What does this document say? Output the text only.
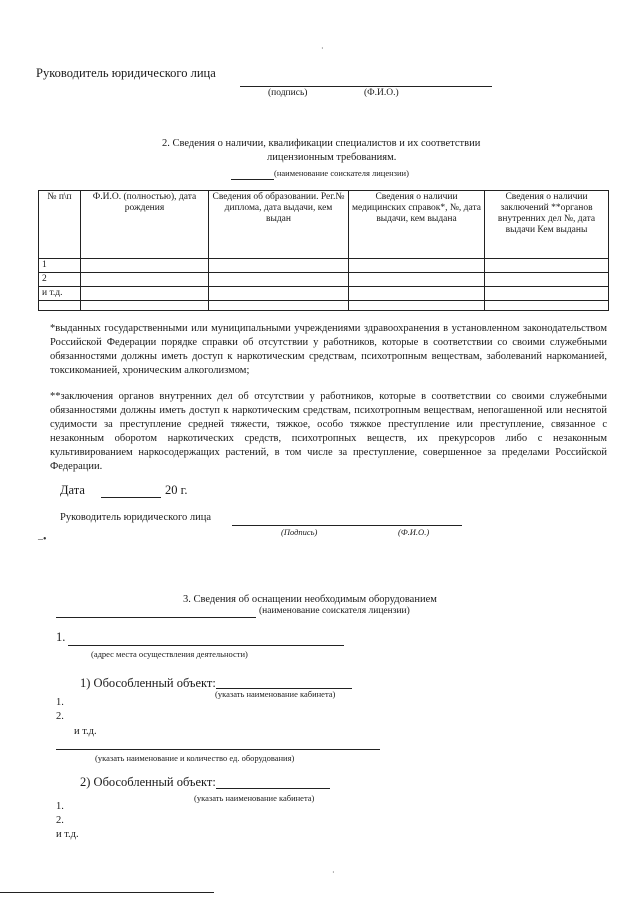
Руководитель юридического лица
(подпись)	(Ф.И.О.)
2. Сведения о наличии, квалификации специалистов и их соответствии
лицензионным требованиям.
(наименование соискателя лицензии)
№ п\п	Ф.И.О. (полностью), дата рождения	Сведения об образовании. Рег.№ диплома, дата выдачи, кем выдан	Сведения о наличии медицинских справок*, №, дата выдачи, кем выдана	Сведения о наличии заключений **органов внутренних дел №, дата выдачи Кем выданы
1				
2				
и т.д.				

*выданных государственными или муниципальными учреждениями здравоохранения в установленном законодательством Российской Федерации порядке справки об отсутствии у работников, которые в соответствии со своими служебными обязанностями должны иметь доступ к наркотическим средствам, психотропным веществам, заболеваний наркоманией, токсикоманией, хроническим алкоголизмом;
**заключения органов внутренних дел об отсутствии у работников, которые в соответствии со своими служебными обязанностями должны иметь доступ к наркотическим средствам, психотропным веществам, непогашенной или неснятой судимости за преступление средней тяжести, тяжкое, особо тяжкое преступление или преступление, связанное с незаконным оборотом наркотических средств, психотропных веществ, их прекурсоров либо с незаконным культивированием наркосодержащих растений, в том числе за преступление, совершенное за пределами Российской Федерации.
Дата	20 г.
Руководитель юридического лица
(Подпись)	(Ф.И.О.)
3. Сведения об оснащении необходимым оборудованием
(наименование соискателя лицензии)
1.
(адрес места осуществления деятельности)
1) Обособленный объект:
(указать наименование кабинета)
1.
2.
и т.д.
(указать наименование и количество ед. оборудования)
2) Обособленный объект:
(указать наименование кабинета)
1.
2.
и т.д.
·
–•
·
